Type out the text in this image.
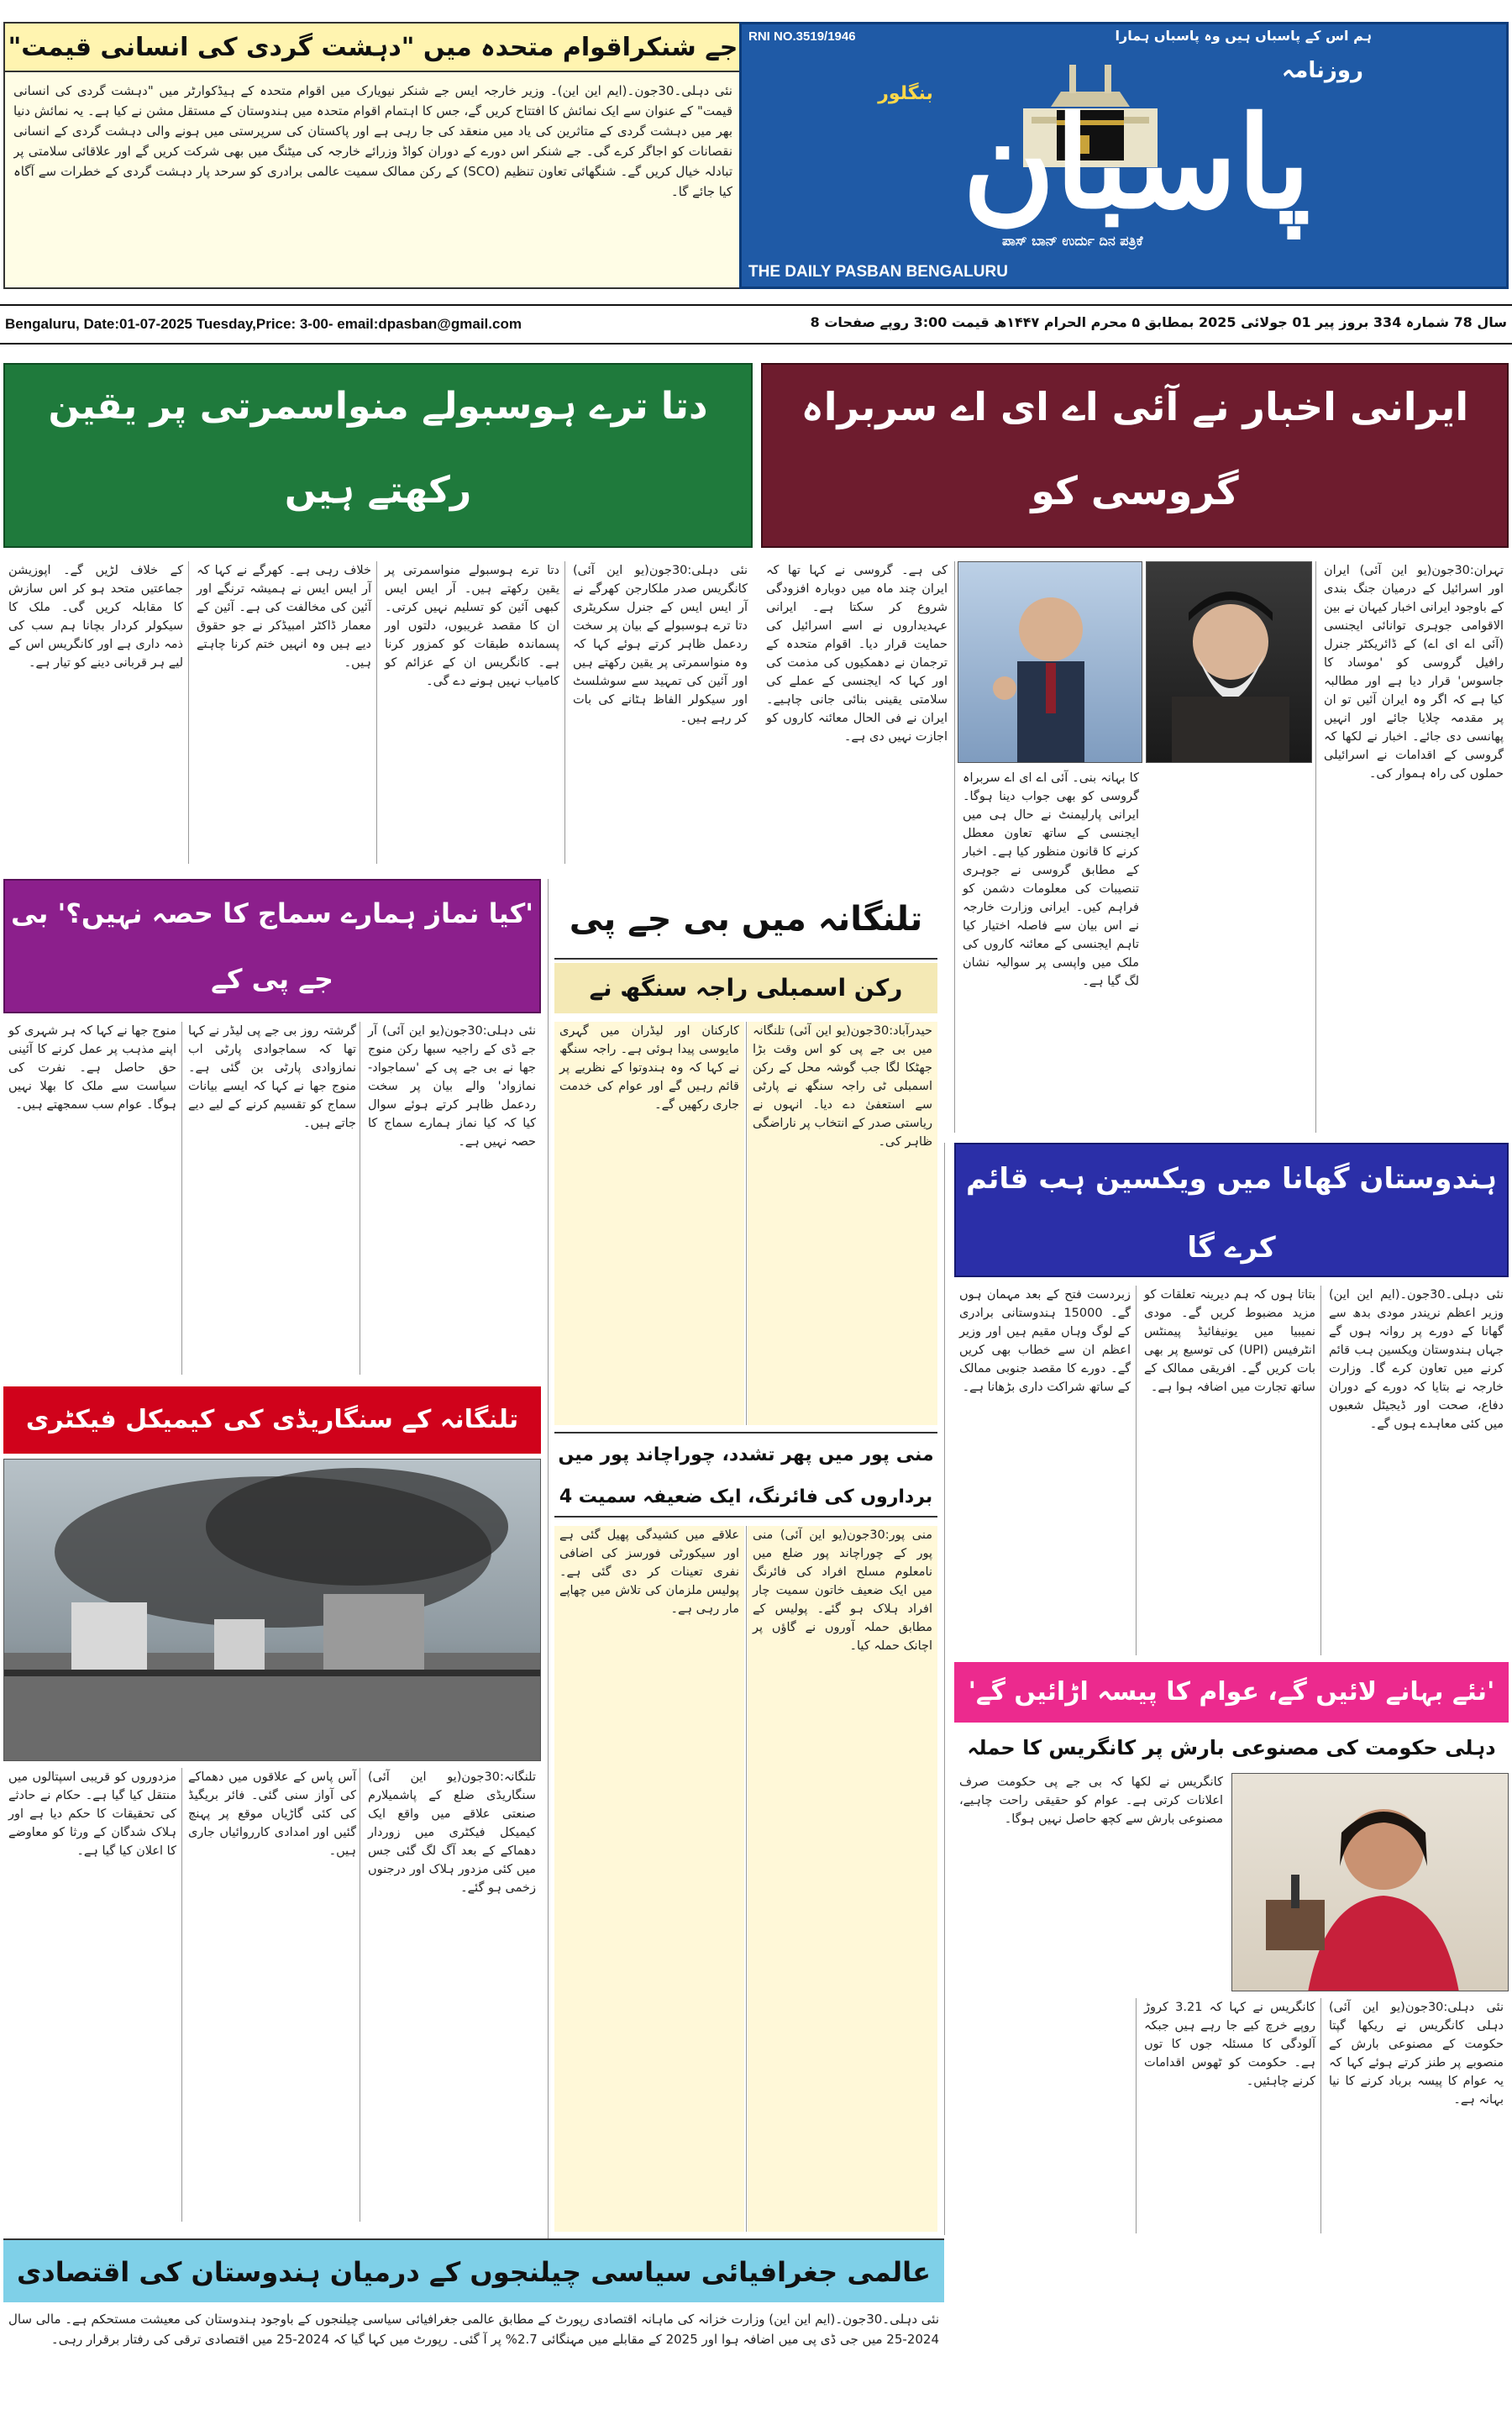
جے شنکراقوام متحدہ میں "دہشت گردی کی انسانی قیمت"
نئی دہلی۔30جون۔(ایم این این)۔ وزیر خارجہ ایس جے شنکر نیویارک میں اقوام متحدہ کے ہیڈکوارٹر میں "دہشت گردی کی انسانی قیمت" کے عنوان سے ایک نمائش کا افتتاح کریں گے، جس کا اہتمام اقوام متحدہ میں ہندوستان کے مستقل مشن نے کیا ہے۔ یہ نمائش دنیا بھر میں دہشت گردی کے متاثرین کی یاد میں منعقد کی جا رہی ہے اور پاکستان کی سرپرستی میں ہونے والی دہشت گردی کے انسانی نقصانات کو اجاگر کرے گی۔ جے شنکر اس دورے کے دوران کواڈ وزرائے خارجہ کی میٹنگ میں بھی شرکت کریں گے اور علاقائی سلامتی پر تبادلہ خیال کریں گے۔ شنگھائی تعاون تنظیم (SCO) کے رکن ممالک سمیت عالمی برادری کو سرحد پار دہشت گردی کے خطرات سے آگاہ کیا جائے گا۔
RNI NO.3519/1946	ہم اس کے پاسباں ہیں وہ پاسباں ہمارا
روزنامہ
بنگلور پاسبان
ಪಾಸ್ ಬಾನ್ ಉರ್ದು ದಿನ ಪತ್ರಿಕೆ
THE DAILY PASBAN BENGALURU
Bengaluru, Date:01-07-2025 Tuesday,Price: 3-00- email:dpasban@gmail.com	سال 78 شمارہ 334 بروز پیر 01 جولائی 2025 بمطابق ۵ محرم الحرام ۱۴۴۷ھ قیمت 3:00 روپے صفحات 8
ایرانی اخبار نے آئی اے ای اے سربراہ گروسی کو
تہران:30جون(یو این آئی) ایران اور اسرائیل کے درمیان جنگ بندی کے باوجود ایرانی اخبار کیہان نے بین الاقوامی جوہری توانائی ایجنسی (آئی اے ای اے) کے ڈائریکٹر جنرل رافیل گروسی کو 'موساد کا جاسوس' قرار دیا ہے اور مطالبہ کیا ہے کہ اگر وہ ایران آئیں تو ان پر مقدمہ چلایا جائے اور انہیں پھانسی دی جائے۔ اخبار نے لکھا کہ گروسی کے اقدامات نے اسرائیلی حملوں کی راہ ہموار کی۔
کا بہانہ بنی۔ آئی اے ای اے سربراہ گروسی کو بھی جواب دینا ہوگا۔ ایرانی پارلیمنٹ نے حال ہی میں ایجنسی کے ساتھ تعاون معطل کرنے کا قانون منظور کیا ہے۔ اخبار کے مطابق گروسی نے جوہری تنصیبات کی معلومات دشمن کو فراہم کیں۔ ایرانی وزارت خارجہ نے اس بیان سے فاصلہ اختیار کیا تاہم ایجنسی کے معائنہ کاروں کی ملک میں واپسی پر سوالیہ نشان لگ گیا ہے۔
کی ہے۔ گروسی نے کہا تھا کہ ایران چند ماہ میں دوبارہ افزودگی شروع کر سکتا ہے۔ ایرانی عہدیداروں نے اسے اسرائیل کی حمایت قرار دیا۔ اقوام متحدہ کے ترجمان نے دھمکیوں کی مذمت کی اور کہا کہ ایجنسی کے عملے کی سلامتی یقینی بنائی جانی چاہیے۔ ایران نے فی الحال معائنہ کاروں کو اجازت نہیں دی ہے۔
دتا ترے ہوسبولے منواسمرتی پر یقین رکھتے ہیں
نئی دہلی:30جون(یو این آئی) کانگریس صدر ملکارجن کھرگے نے آر ایس ایس کے جنرل سکریٹری دتا ترے ہوسبولے کے بیان پر سخت ردعمل ظاہر کرتے ہوئے کہا کہ وہ منواسمرتی پر یقین رکھتے ہیں اور آئین کی تمہید سے سوشلسٹ اور سیکولر الفاظ ہٹانے کی بات کر رہے ہیں۔
دتا ترے ہوسبولے منواسمرتی پر یقین رکھتے ہیں۔ آر ایس ایس کبھی آئین کو تسلیم نہیں کرتی۔ ان کا مقصد غریبوں، دلتوں اور پسماندہ طبقات کو کمزور کرنا ہے۔ کانگریس ان کے عزائم کو کامیاب نہیں ہونے دے گی۔
خلاف رہی ہے۔ کھرگے نے کہا کہ آر ایس ایس نے ہمیشہ ترنگے اور آئین کی مخالفت کی ہے۔ آئین کے معمار ڈاکٹر امبیڈکر نے جو حقوق دیے ہیں وہ انہیں ختم کرنا چاہتے ہیں۔
کے خلاف لڑیں گے۔ اپوزیشن جماعتیں متحد ہو کر اس سازش کا مقابلہ کریں گی۔ ملک کا سیکولر کردار بچانا ہم سب کی ذمہ داری ہے اور کانگریس اس کے لیے ہر قربانی دینے کو تیار ہے۔
'کیا نماز ہمارے سماج کا حصہ نہیں؟' بی جے پی کے
نئی دہلی:30جون(یو این آئی) آر جے ڈی کے راجیہ سبھا رکن منوج جھا نے بی جے پی کے 'سماجواد-نمازواد' والے بیان پر سخت ردعمل ظاہر کرتے ہوئے سوال کیا کہ کیا نماز ہمارے سماج کا حصہ نہیں ہے۔
گرشتہ روز بی جے پی لیڈر نے کہا تھا کہ سماجوادی پارٹی اب نمازوادی پارٹی بن گئی ہے۔ منوج جھا نے کہا کہ ایسے بیانات سماج کو تقسیم کرنے کے لیے دیے جاتے ہیں۔
منوج جھا نے کہا کہ ہر شہری کو اپنے مذہب پر عمل کرنے کا آئینی حق حاصل ہے۔ نفرت کی سیاست سے ملک کا بھلا نہیں ہوگا۔ عوام سب سمجھتے ہیں۔
تلنگانہ میں بی جے پی
رکن اسمبلی راجہ سنگھ نے
حیدرآباد:30جون(یو این آئی) تلنگانہ میں بی جے پی کو اس وقت بڑا جھٹکا لگا جب گوشہ محل کے رکن اسمبلی ٹی راجہ سنگھ نے پارٹی سے استعفیٰ دے دیا۔ انہوں نے ریاستی صدر کے انتخاب پر ناراضگی ظاہر کی۔
کارکنان اور لیڈران میں گہری مایوسی پیدا ہوئی ہے۔ راجہ سنگھ نے کہا کہ وہ ہندوتوا کے نظریے پر قائم رہیں گے اور عوام کی خدمت جاری رکھیں گے۔
منی پور میں پھر تشدد، چوراچاند پور میں
برداروں کی فائرنگ، ایک ضعیفہ سمیت 4
منی پور:30جون(یو این آئی) منی پور کے چوراچاند پور ضلع میں نامعلوم مسلح افراد کی فائرنگ میں ایک ضعیف خاتون سمیت چار افراد ہلاک ہو گئے۔ پولیس کے مطابق حملہ آوروں نے گاؤں پر اچانک حملہ کیا۔
علاقے میں کشیدگی پھیل گئی ہے اور سیکورٹی فورسز کی اضافی نفری تعینات کر دی گئی ہے۔ پولیس ملزمان کی تلاش میں چھاپے مار رہی ہے۔
تلنگانہ کے سنگاریڈی کی کیمیکل فیکٹری
تلنگانہ:30جون(یو این آئی) سنگاریڈی ضلع کے پاشمیلارم صنعتی علاقے میں واقع ایک کیمیکل فیکٹری میں زوردار دھماکے کے بعد آگ لگ گئی جس میں کئی مزدور ہلاک اور درجنوں زخمی ہو گئے۔
آس پاس کے علاقوں میں دھماکے کی آواز سنی گئی۔ فائر بریگیڈ کی کئی گاڑیاں موقع پر پہنچ گئیں اور امدادی کارروائیاں جاری ہیں۔
مزدوروں کو قریبی اسپتالوں میں منتقل کیا گیا ہے۔ حکام نے حادثے کی تحقیقات کا حکم دیا ہے اور ہلاک شدگان کے ورثا کو معاوضے کا اعلان کیا گیا ہے۔
ہندوستان گھانا میں ویکسین ہب قائم کرے گا
نئی دہلی۔30جون۔(ایم این این) وزیر اعظم نریندر مودی بدھ سے گھانا کے دورے پر روانہ ہوں گے جہاں ہندوستان ویکسین ہب قائم کرنے میں تعاون کرے گا۔ وزارت خارجہ نے بتایا کہ دورے کے دوران دفاع، صحت اور ڈیجیٹل شعبوں میں کئی معاہدے ہوں گے۔
بتاتا ہوں کہ ہم دیرینہ تعلقات کو مزید مضبوط کریں گے۔ مودی نمیبیا میں یونیفائیڈ پیمنٹس انٹرفیس (UPI) کی توسیع پر بھی بات کریں گے۔ افریقی ممالک کے ساتھ تجارت میں اضافہ ہوا ہے۔
زبردست فتح کے بعد مہمان ہوں گے۔ 15000 ہندوستانی برادری کے لوگ وہاں مقیم ہیں اور وزیر اعظم ان سے خطاب بھی کریں گے۔ دورے کا مقصد جنوبی ممالک کے ساتھ شراکت داری بڑھانا ہے۔
'نئے بہانے لائیں گے، عوام کا پیسہ اڑائیں گے'
دہلی حکومت کی مصنوعی بارش پر کانگریس کا حملہ
نئی دہلی:30جون(یو این آئی) دہلی کانگریس نے ریکھا گپتا حکومت کے مصنوعی بارش کے منصوبے پر طنز کرتے ہوئے کہا کہ یہ عوام کا پیسہ برباد کرنے کا نیا بہانہ ہے۔
کانگریس نے کہا کہ 3.21 کروڑ روپے خرچ کیے جا رہے ہیں جبکہ آلودگی کا مسئلہ جوں کا توں ہے۔ حکومت کو ٹھوس اقدامات کرنے چاہئیں۔
کانگریس نے لکھا کہ بی جے پی حکومت صرف اعلانات کرتی ہے۔ عوام کو حقیقی راحت چاہیے، مصنوعی بارش سے کچھ حاصل نہیں ہوگا۔
عالمی جغرافیائی سیاسی چیلنجوں کے درمیان ہندوستان کی اقتصادی
نئی دہلی۔30جون۔(ایم این این) وزارت خزانہ کی ماہانہ اقتصادی رپورٹ کے مطابق عالمی جغرافیائی سیاسی چیلنجوں کے باوجود ہندوستان کی معیشت مستحکم ہے۔ مالی سال 2024-25 میں جی ڈی پی میں اضافہ ہوا اور 2025 کے مقابلے میں مہنگائی 2.7% پر آ گئی۔ رپورٹ میں کہا گیا کہ 2024-25 میں اقتصادی ترقی کی رفتار برقرار رہی۔
